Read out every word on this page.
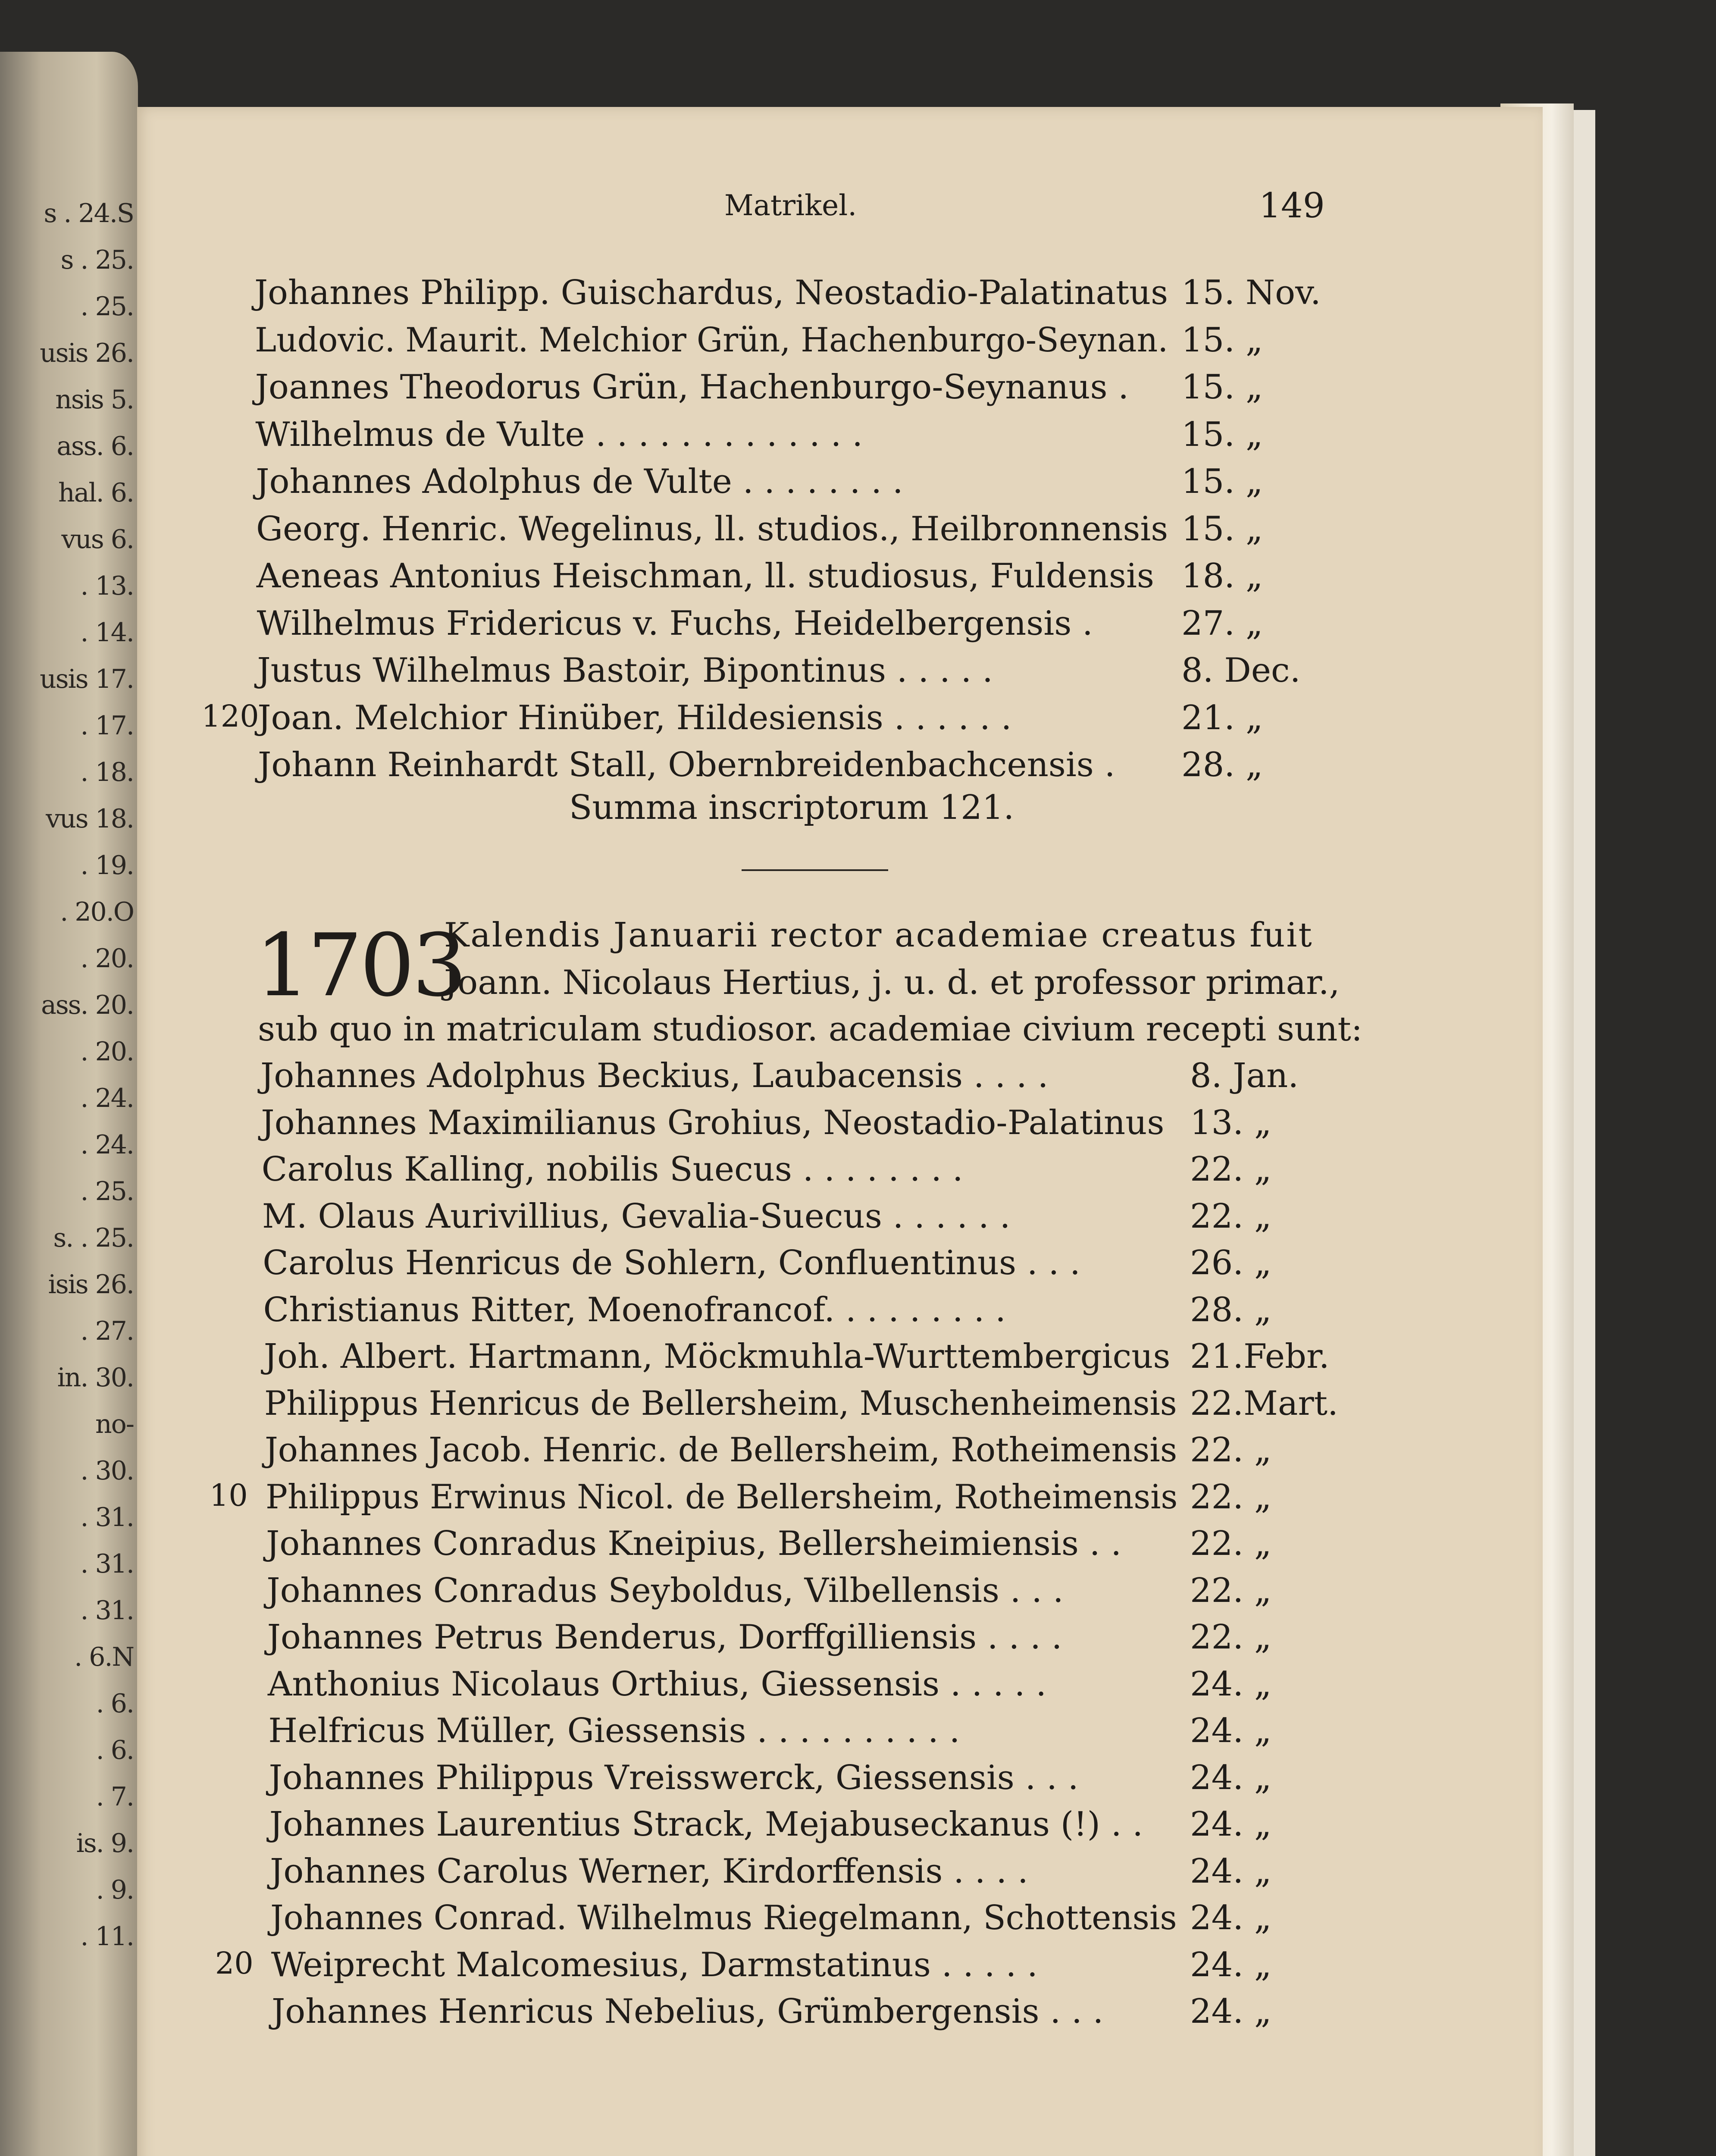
s . 24.S
s . 25.
. 25.
usis 26.
nsis 5.
ass. 6.
hal. 6.
vus 6.
. 13.
. 14.
usis 17.
. 17.
. 18.
vus 18.
. 19.
. 20.O
. 20.
ass. 20.
. 20.
. 24.
. 24.
. 25.
s. . 25.
isis 26.
. 27.
in. 30.
no-
. 30.
. 31.
. 31.
. 31.
. 6.N
. 6.
. 6.
. 7.
is. 9.
. 9.
. 11.
Matrikel.	149
Johannes Philipp. Guischardus, Neostadio-Palatinatus 15. Nov.
Ludovic. Maurit. Melchior Grün, Hachenburgo-Seynan. 15. „
Joannes Theodorus Grün, Hachenburgo-Seynanus . 15. „
Wilhelmus de Vulte . . . . . . . . . . . . .	15. „
Johannes Adolphus de Vulte . . . . . . . .	15. „
Georg. Henric. Wegelinus, ll. studios., Heilbronnensis 15. „
Aeneas Antonius Heischman, ll. studiosus, Fuldensis 18. „
Wilhelmus Fridericus v. Fuchs, Heidelbergensis .	27. „
Justus Wilhelmus Bastoir, Bipontinus . . . . .	8. Dec.
120
Joan. Melchior Hinüber, Hildesiensis . . . . . .	21. „
Johann Reinhardt Stall, Obernbreidenbachcensis . 28. „
Summa inscriptorum 121.
1703
Kalendis Januarii rector academiae creatus fuit
Joann. Nicolaus Hertius, j. u. d. et professor primar.,
sub quo in matriculam studiosor. academiae civium recepti sunt:
Johannes Adolphus Beckius, Laubacensis . . . .	8. Jan.
Johannes Maximilianus Grohius, Neostadio-Palatinus 13. „
Carolus Kalling, nobilis Suecus . . . . . . . .	22. „
M. Olaus Aurivillius, Gevalia-Suecus . . . . . .	22. „
Carolus Henricus de Sohlern, Confluentinus . . .	26. „
Christianus Ritter, Moenofrancof. . . . . . . . .	28. „
Joh. Albert. Hartmann, Möckmuhla-Wurttembergicus 21.Febr.
Philippus Henricus de Bellersheim, Muschenheimensis 22.Mart.
Johannes Jacob. Henric. de Bellersheim, Rotheimensis 22. „
10 Philippus Erwinus Nicol. de Bellersheim, Rotheimensis 22. „
Johannes Conradus Kneipius, Bellersheimiensis . . 22. „
Johannes Conradus Seyboldus, Vilbellensis . . .	22. „
Johannes Petrus Benderus, Dorffgilliensis . . . .	22. „
Anthonius Nicolaus Orthius, Giessensis . . . . .	24. „
Helfricus Müller, Giessensis . . . . . . . . . .	24. „
Johannes Philippus Vreisswerck, Giessensis . . .	24. „
Johannes Laurentius Strack, Mejabuseckanus (!) . . 24. „
Johannes Carolus Werner, Kirdorffensis . . . .	24. „
Johannes Conrad. Wilhelmus Riegelmann, Schottensis 24. „
20 Weiprecht Malcomesius, Darmstatinus . . . . .	24. „
Johannes Henricus Nebelius, Grümbergensis . . .	24. „
